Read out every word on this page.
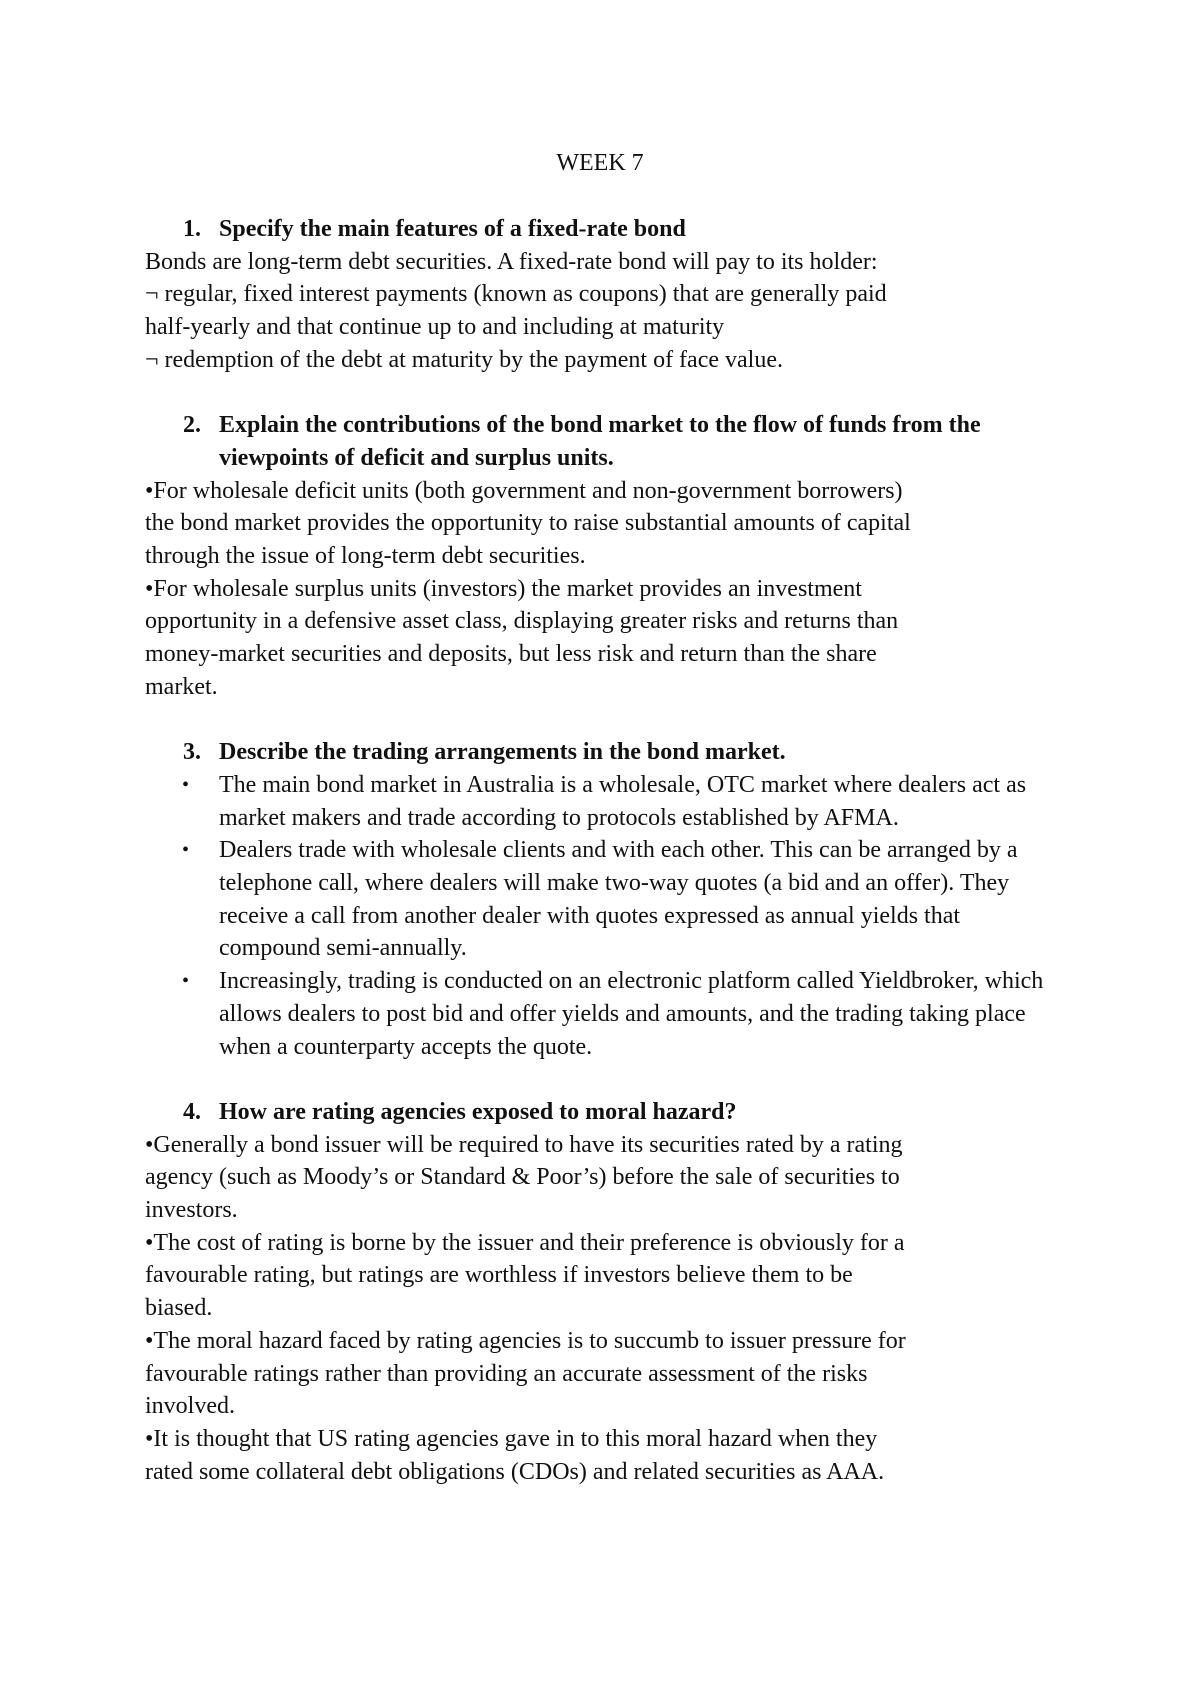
WEEK 7
1. Specify the main features of a fixed-rate bond

Bonds are long-term debt securities. A fixed-rate bond will pay to its holder:

¬ regular, fixed interest payments (known as coupons) that are generally paid

half-yearly and that continue up to and including at maturity

¬ redemption of the debt at maturity by the payment of face value.

2. Explain the contributions of the bond market to the flow of funds from the viewpoints of deficit and surplus units.

•For wholesale deficit units (both government and non-government borrowers)

the bond market provides the opportunity to raise substantial amounts of capital

through the issue of long-term debt securities.

•For wholesale surplus units (investors) the market provides an investment

opportunity in a defensive asset class, displaying greater risks and returns than

money-market securities and deposits, but less risk and return than the share

market.

3. Describe the trading arrangements in the bond market.
• The main bond market in Australia is a wholesale, OTC market where dealers act as market makers and trade according to protocols established by AFMA.
• Dealers trade with wholesale clients and with each other. This can be arranged by a telephone call, where dealers will make two-way quotes (a bid and an offer). They receive a call from another dealer with quotes expressed as annual yields that compound semi-annually.
• Increasingly, trading is conducted on an electronic platform called Yieldbroker, which allows dealers to post bid and offer yields and amounts, and the trading taking place when a counterparty accepts the quote.
4. How are rating agencies exposed to moral hazard?

•Generally a bond issuer will be required to have its securities rated by a rating

agency (such as Moody’s or Standard & Poor’s) before the sale of securities to

investors.

•The cost of rating is borne by the issuer and their preference is obviously for a

favourable rating, but ratings are worthless if investors believe them to be

biased.

•The moral hazard faced by rating agencies is to succumb to issuer pressure for

favourable ratings rather than providing an accurate assessment of the risks

involved.

•It is thought that US rating agencies gave in to this moral hazard when they

rated some collateral debt obligations (CDOs) and related securities as AAA.
